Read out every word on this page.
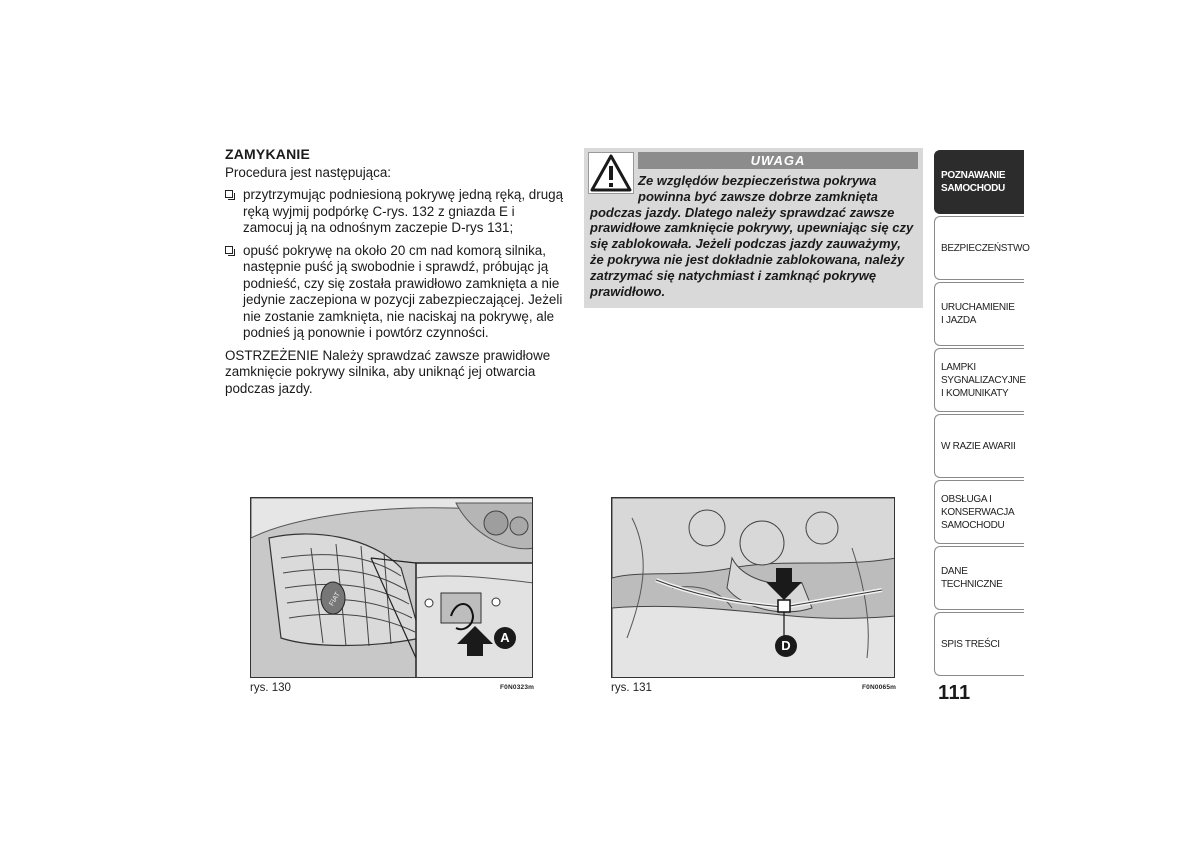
ZAMYKANIE

Procedura jest następująca:

przytrzymując podniesioną pokrywę jedną ręką, drugą ręką wyjmij podpórkę C-rys. 132 z gniazda E i zamocuj ją na odnośnym zaczepie D-rys 131;
opuść pokrywę na około 20 cm nad komorą silnika, następnie puść ją swobodnie i sprawdź, próbując ją podnieść, czy się została prawidłowo zamknięta a nie jedynie zaczepiona w pozycji zabezpieczającej. Jeżeli nie zostanie zamknięta, nie naciskaj na pokrywę, ale podnieś ją ponownie i powtórz czynności.

OSTRZEŻENIE Należy sprawdzać zawsze prawidłowe zamknięcie pokrywy silnika, aby uniknąć jej otwarcia podczas jazdy.

UWAGA
Ze względów bezpieczeństwa pokrywa powinna być zawsze dobrze zamknięta
podczas jazdy. Dlatego należy sprawdzać zawsze prawidłowe zamknięcie pokrywy, upewniając się czy się zablokowała. Jeżeli podczas jazdy zauważymy, że pokrywa nie jest dokładnie zablokowana, należy zatrzymać się natychmiast i zamknąć pokrywę prawidłowo.
FIAT
A
rys. 130	F0N0323m
D
rys. 131	F0N0065m
POZNAWANIE SAMOCHODU
BEZPIECZEŃSTWO
URUCHAMIENIE I JAZDA
LAMPKI SYGNALIZACYJNE I KOMUNIKATY
W RAZIE AWARII
OBSŁUGA I KONSERWACJA SAMOCHODU
DANE TECHNICZNE
SPIS TREŚCI
111
